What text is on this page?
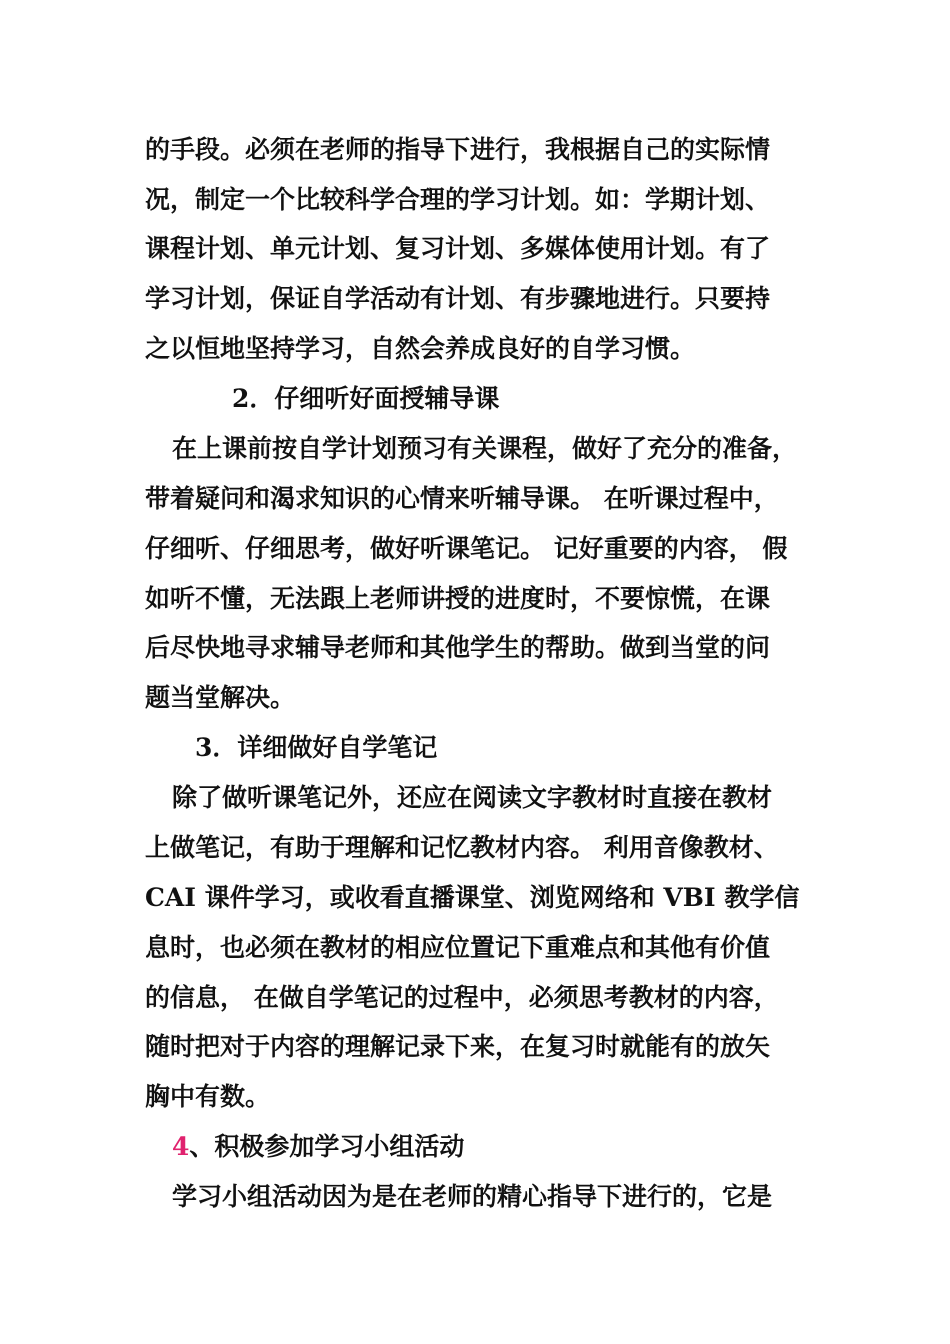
的手段。必须在老师的指导下进行，我根据自己的实际情
况，制定一个比较科学合理的学习计划。如：学期计划、
课程计划、单元计划、复习计划、多媒体使用计划。有了
学习计划，保证自学活动有计划、有步骤地进行。只要持
之以恒地坚持学习，自然会养成良好的自学习惯。
2．仔细听好面授辅导课
在上课前按自学计划预习有关课程，做好了充分的准备，
带着疑问和渴求知识的心情来听辅导课。 在听课过程中，
仔细听、仔细思考，做好听课笔记。 记好重要的内容， 假
如听不懂，无法跟上老师讲授的进度时，不要惊慌，在课
后尽快地寻求辅导老师和其他学生的帮助。做到当堂的问
题当堂解决。
3．详细做好自学笔记
除了做听课笔记外，还应在阅读文字教材时直接在教材
上做笔记，有助于理解和记忆教材内容。 利用音像教材、
CAI 课件学习，或收看直播课堂、浏览网络和 VBI 教学信
息时，也必须在教材的相应位置记下重难点和其他有价值
的信息， 在做自学笔记的过程中，必须思考教材的内容，
随时把对于内容的理解记录下来，在复习时就能有的放矢
胸中有数。
4、积极参加学习小组活动
学习小组活动因为是在老师的精心指导下进行的，它是
